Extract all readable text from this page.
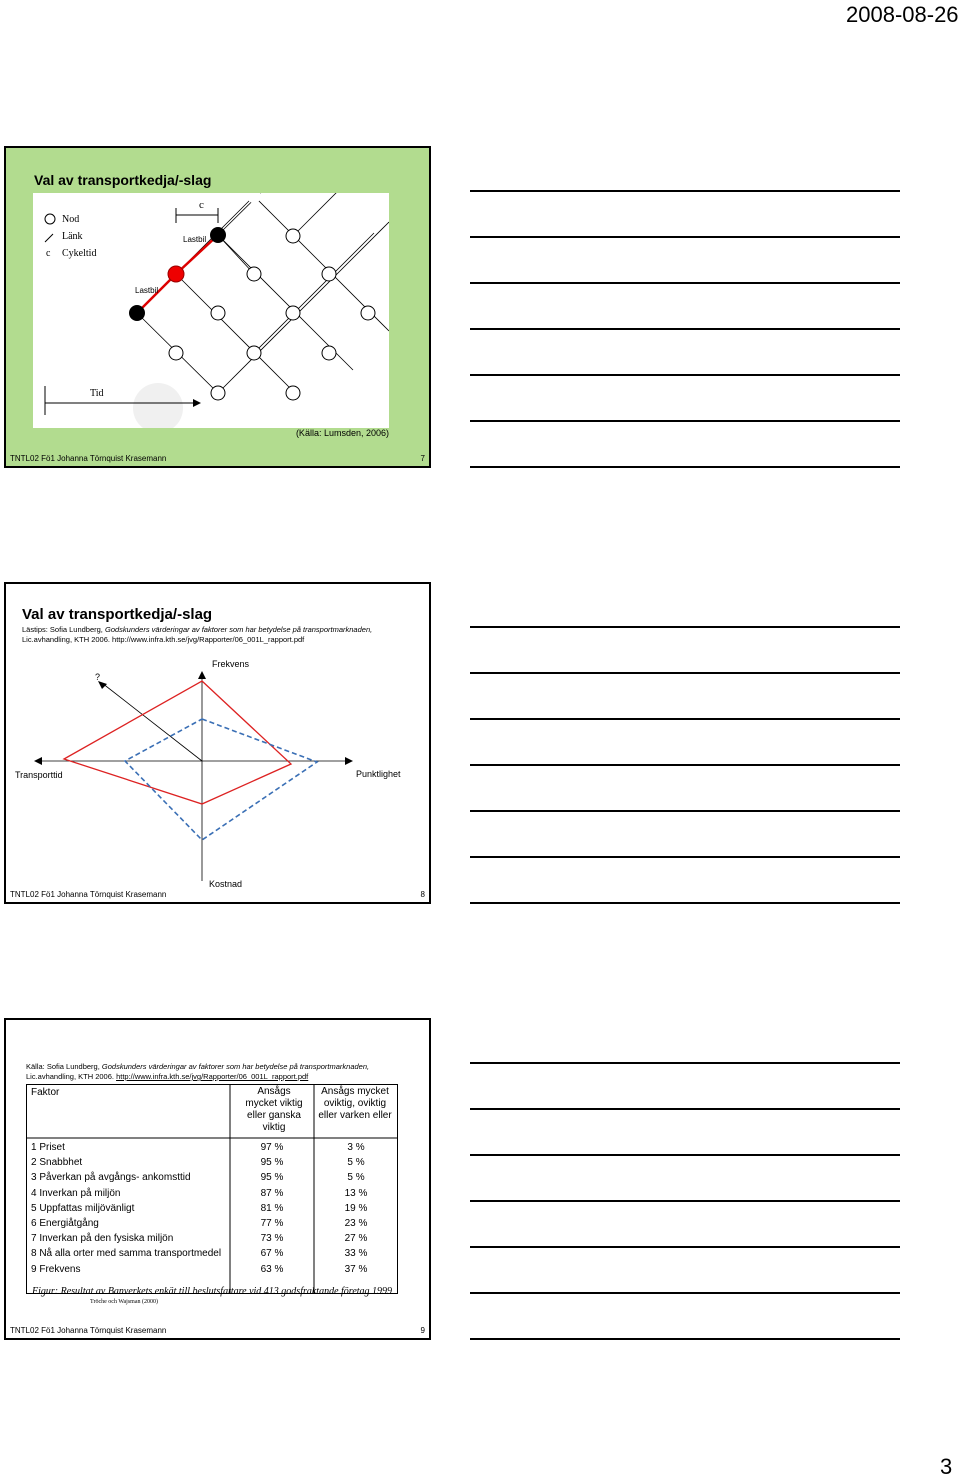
2008-08-26
Val av transportkedja/-slag
c
Lastbil
Lastbil
Nod
Länk
c Cykeltid
Tid
(Källa: Lumsden, 2006)
TNTL02 Fö1 Johanna Törnquist Krasemann	7
Val av transportkedja/-slag
Lästips: Sofia Lundberg, Godskunders värderingar av faktorer som har betydelse på transportmarknaden,
Lic.avhandling, KTH 2006. http://www.infra.kth.se/jvg/Rapporter/06_001L_rapport.pdf
Frekvens
?
Transporttid	Punktlighet
Kostnad
TNTL02 Fö1 Johanna Törnquist Krasemann	8
Källa: Sofia Lundberg, Godskunders värderingar av faktorer som har betydelse på transportmarknaden,
Lic.avhandling, KTH 2006. http://www.infra.kth.se/jvg/Rapporter/06_001L_rapport.pdf
Faktor	Ansågs mycket viktig eller ganska viktig
Ansågs mycket oviktig, oviktig eller varken eller
1 Priset	97 %	3 %
2 Snabbhet	95 %	5 %
3 Påverkan på avgångs- ankomsttid	95 %	5 %
4 Inverkan på miljön	87 %	13 %
5 Uppfattas miljövänligt	81 %	19 %
6 Energiåtgång	77 %	23 %
7 Inverkan på den fysiska miljön	73 %	27 %
8 Nå alla orter med samma transportmedel	67 %	33 %
9 Frekvens	63 %	37 %
Figur: Resultat av Banverkets enkät till beslutsfattare vid 413 godsfraktande företag 1999
Tröche och Wajsman (2000)
TNTL02 Fö1 Johanna Törnquist Krasemann	9
3
